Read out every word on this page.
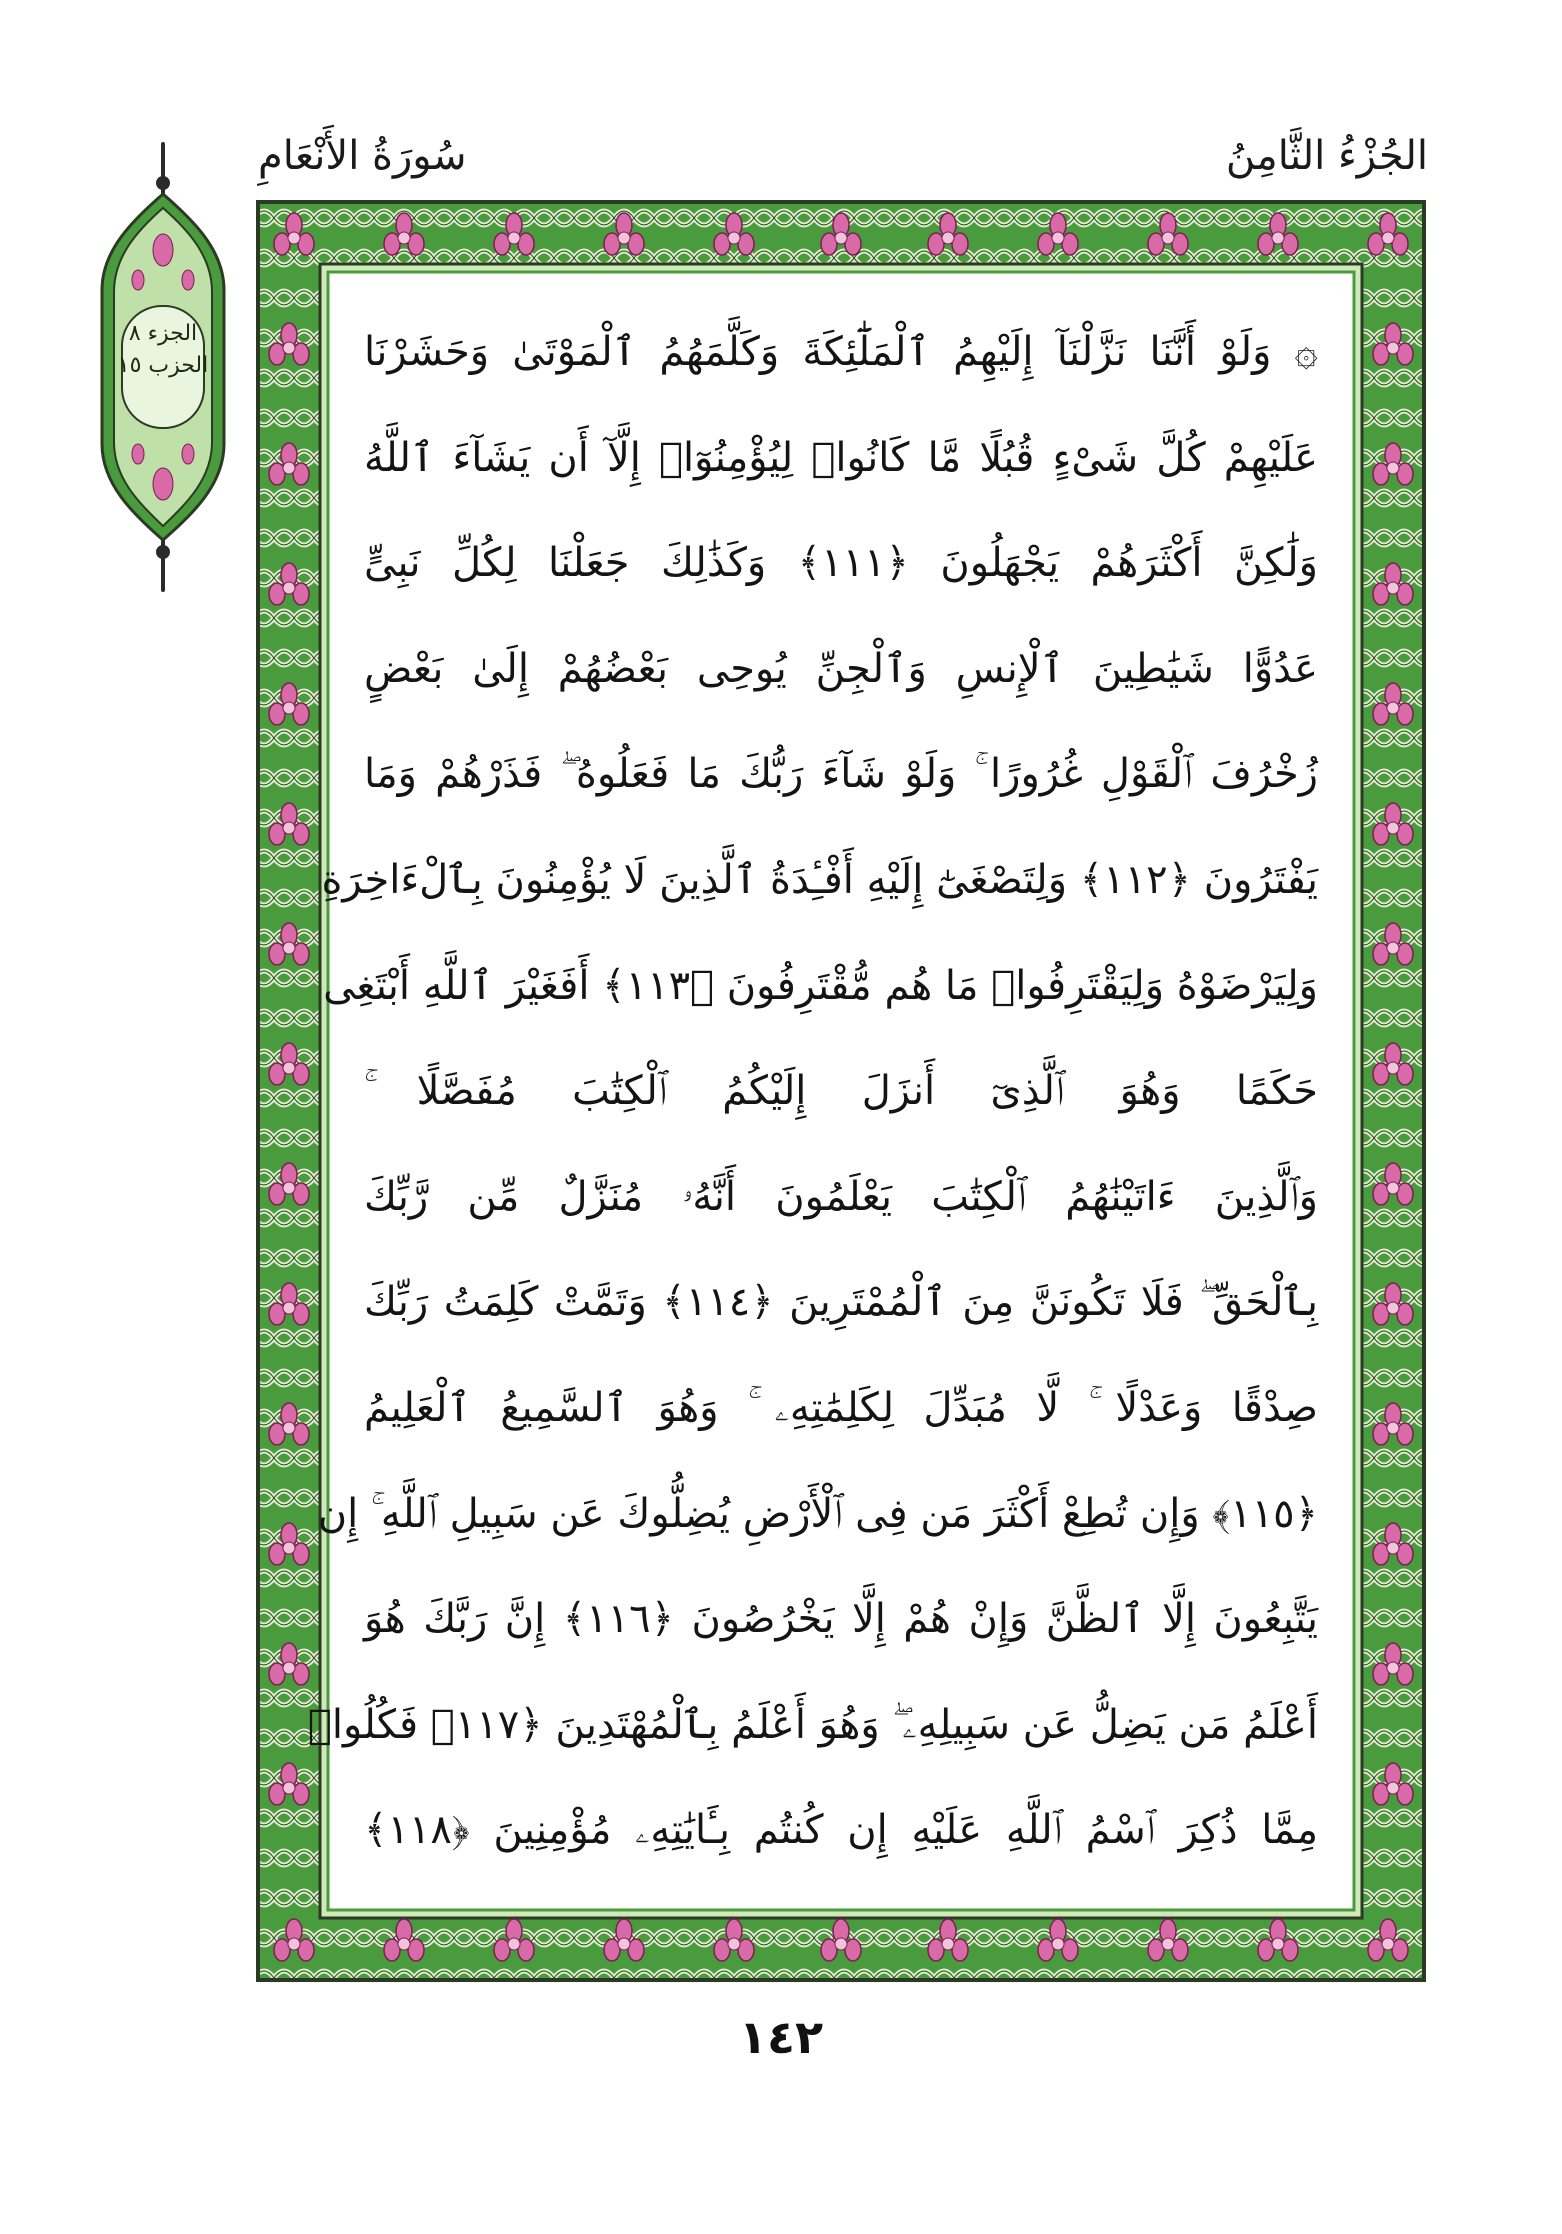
سُورَةُ الأَنْعَامِ	الجُزْءُ الثَّامِنُ
الجزء ٨
الحزب ١٥	۞ وَلَوْ أَنَّنَا نَزَّلْنَآ إِلَيْهِمُ ٱلْمَلَٰٓئِكَةَ وَكَلَّمَهُمُ ٱلْمَوْتَىٰ وَحَشَرْنَا
عَلَيْهِمْ كُلَّ شَىْءٍ قُبُلًا مَّا كَانُوا۟ لِيُؤْمِنُوٓا۟ إِلَّآ أَن يَشَآءَ ٱللَّهُ
وَلَٰكِنَّ أَكْثَرَهُمْ يَجْهَلُونَ ﴿١١١﴾ وَكَذَٰلِكَ جَعَلْنَا لِكُلِّ نَبِىٍّ
عَدُوًّا شَيَٰطِينَ ٱلْإِنسِ وَٱلْجِنِّ يُوحِى بَعْضُهُمْ إِلَىٰ بَعْضٍ
زُخْرُفَ ٱلْقَوْلِ غُرُورًا ۚ وَلَوْ شَآءَ رَبُّكَ مَا فَعَلُوهُ ۖ فَذَرْهُمْ وَمَا
يَفْتَرُونَ ﴿١١٢﴾ وَلِتَصْغَىٰٓ إِلَيْهِ أَفْـِٔدَةُ ٱلَّذِينَ لَا يُؤْمِنُونَ بِٱلْءَاخِرَةِ
وَلِيَرْضَوْهُ وَلِيَقْتَرِفُوا۟ مَا هُم مُّقْتَرِفُونَ ﴿١١٣﴾ أَفَغَيْرَ ٱللَّهِ أَبْتَغِى
حَكَمًا وَهُوَ ٱلَّذِىٓ أَنزَلَ إِلَيْكُمُ ٱلْكِتَٰبَ مُفَصَّلًا ۚ
وَٱلَّذِينَ ءَاتَيْنَٰهُمُ ٱلْكِتَٰبَ يَعْلَمُونَ أَنَّهُۥ مُنَزَّلٌ مِّن رَّبِّكَ
بِٱلْحَقِّ ۖ فَلَا تَكُونَنَّ مِنَ ٱلْمُمْتَرِينَ ﴿١١٤﴾ وَتَمَّتْ كَلِمَتُ رَبِّكَ
صِدْقًا وَعَدْلًا ۚ لَّا مُبَدِّلَ لِكَلِمَٰتِهِۦ ۚ وَهُوَ ٱلسَّمِيعُ ٱلْعَلِيمُ
﴿١١٥﴾ وَإِن تُطِعْ أَكْثَرَ مَن فِى ٱلْأَرْضِ يُضِلُّوكَ عَن سَبِيلِ ٱللَّهِ ۚ إِن
يَتَّبِعُونَ إِلَّا ٱلظَّنَّ وَإِنْ هُمْ إِلَّا يَخْرُصُونَ ﴿١١٦﴾ إِنَّ رَبَّكَ هُوَ
أَعْلَمُ مَن يَضِلُّ عَن سَبِيلِهِۦ ۖ وَهُوَ أَعْلَمُ بِٱلْمُهْتَدِينَ ﴿١١٧﴾ فَكُلُوا۟
مِمَّا ذُكِرَ ٱسْمُ ٱللَّهِ عَلَيْهِ إِن كُنتُم بِـَٔايَٰتِهِۦ مُؤْمِنِينَ ﴿١١٨﴾
١٤٢
